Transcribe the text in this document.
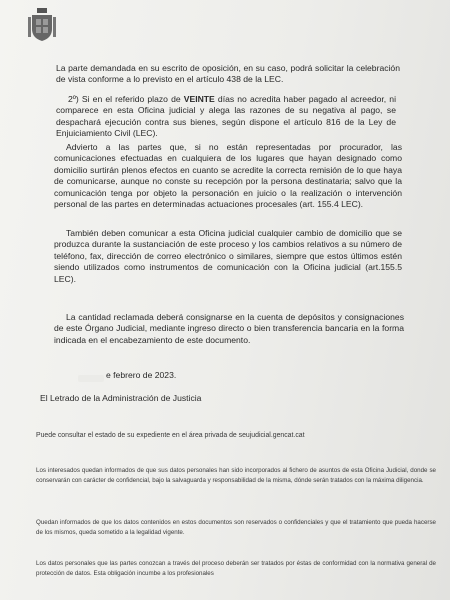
La parte demandada en su escrito de oposición, en su caso, podrá solicitar la celebración de vista conforme a lo previsto en el artículo 438 de la LEC.

2º) Si en el referido plazo de VEINTE días no acredita haber pagado al acreedor, ni comparece en esta Oficina judicial y alega las razones de su negativa al pago, se despachará ejecución contra sus bienes, según dispone el artículo 816 de la Ley de Enjuiciamiento Civil (LEC).

Advierto a las partes que, si no están representadas por procurador, las comunicaciones efectuadas en cualquiera de los lugares que hayan designado como domicilio surtirán plenos efectos en cuanto se acredite la correcta remisión de lo que haya de comunicarse, aunque no conste su recepción por la persona destinataria; salvo que la comunicación tenga por objeto la personación en juicio o la realización o intervención personal de las partes en determinadas actuaciones procesales (art. 155.4 LEC).

También deben comunicar a esta Oficina judicial cualquier cambio de domicilio que se produzca durante la sustanciación de este proceso y los cambios relativos a su número de teléfono, fax, dirección de correo electrónico o similares, siempre que estos últimos estén siendo utilizados como instrumentos de comunicación con la Oficina judicial (art.155.5 LEC).

La cantidad reclamada deberá consignarse en la cuenta de depósitos y consignaciones de este Órgano Judicial, mediante ingreso directo o bien transferencia bancaria en la forma indicada en el encabezamiento de este documento.

e febrero de 2023.
El Letrado de la Administración de Justicia

Puede consultar el estado de su expediente en el área privada de seujudicial.gencat.cat

Los interesados quedan informados de que sus datos personales han sido incorporados al fichero de asuntos de esta Oficina Judicial, donde se conservarán con carácter de confidencial, bajo la salvaguarda y responsabilidad de la misma, dónde serán tratados con la máxima diligencia.

Quedan informados de que los datos contenidos en estos documentos son reservados o confidenciales y que el tratamiento que pueda hacerse de los mismos, queda sometido a la legalidad vigente.

Los datos personales que las partes conozcan a través del proceso deberán ser tratados por éstas de conformidad con la normativa general de protección de datos. Esta obligación incumbe a los profesionales
